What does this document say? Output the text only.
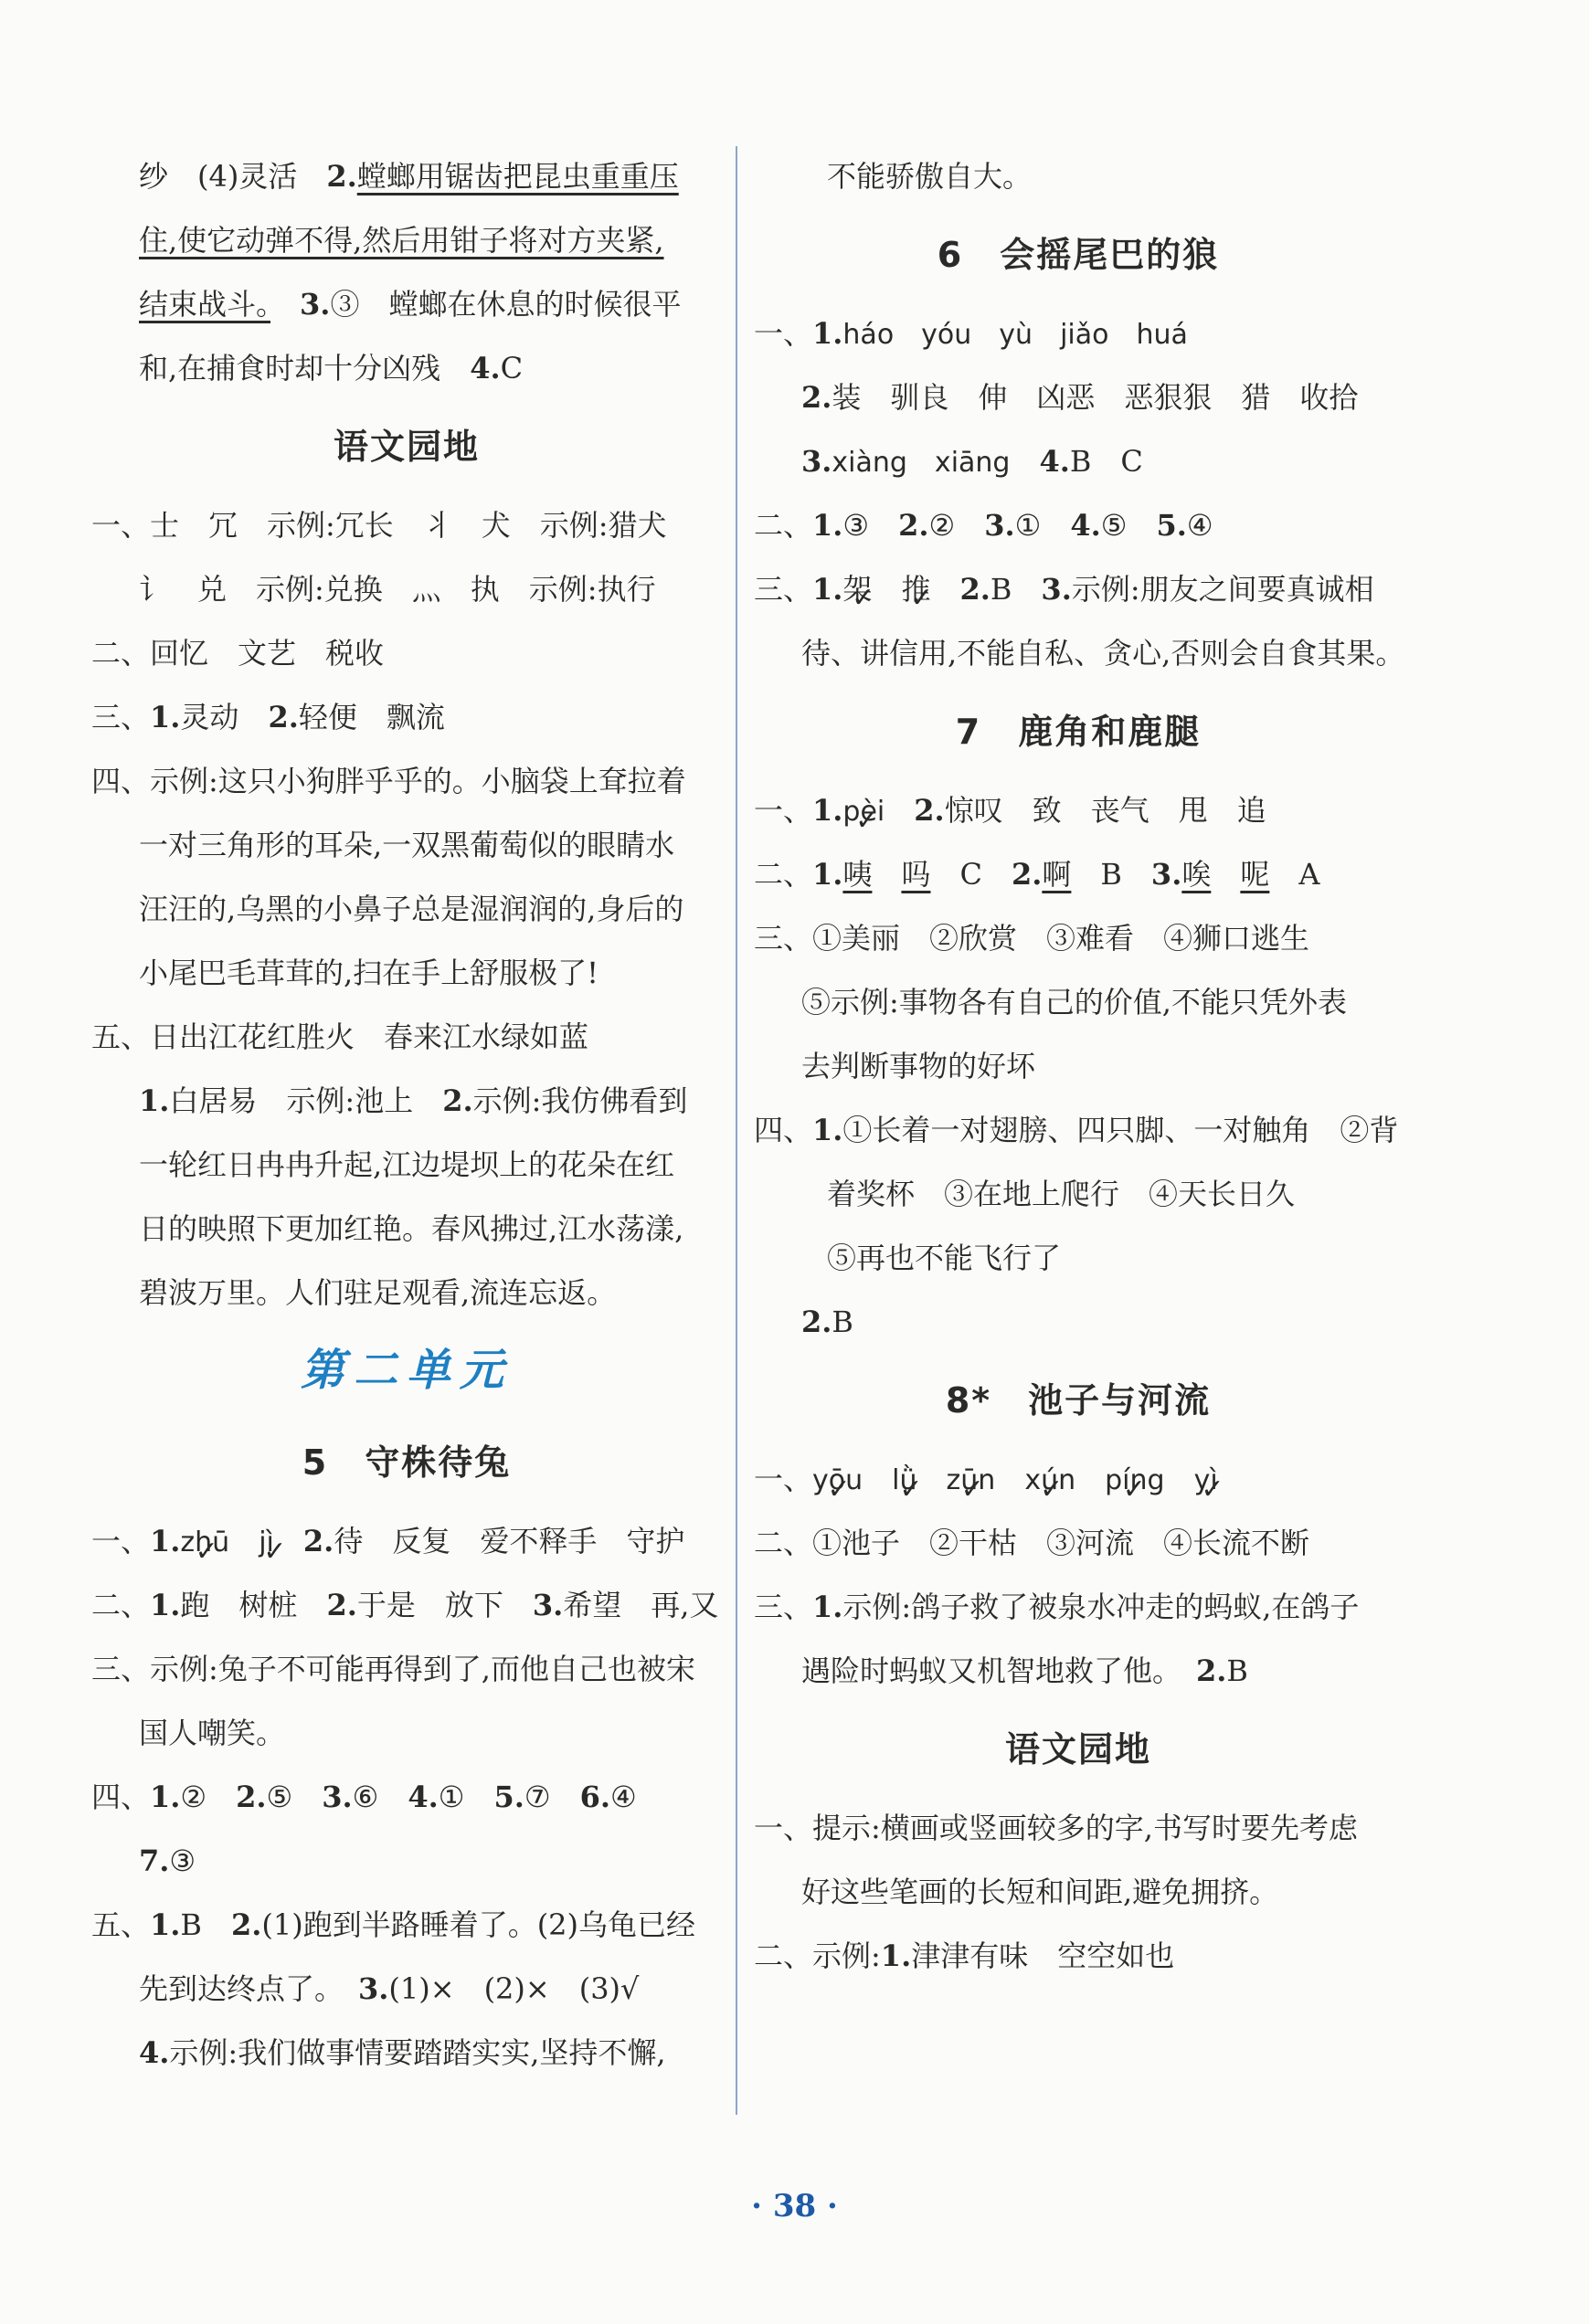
纱　(4)灵活　2.螳螂用锯齿把昆虫重重压
住,使它动弹不得,然后用钳子将对方夹紧,
结束战斗。　 3.③　螳螂在休息的时候很平
和,在捕食时却十分凶残　4.C
语文园地
一、士　冗　示例:冗长　丬　犬　示例:猎犬
讠　兑　示例:兑换　灬　执　示例:执行
二、回忆　文艺　税收
三、1.灵动　2.轻便　飘流
四、示例:这只小狗胖乎乎的。小脑袋上耷拉着
一对三角形的耳朵,一双黑葡萄似的眼睛水
汪汪的,乌黑的小鼻子总是湿润润的,身后的
小尾巴毛茸茸的,扫在手上舒服极了!
五、日出江花红胜火　春来江水绿如蓝
1.白居易　示例:池上　2.示例:我仿佛看到
一轮红日冉冉升起,江边堤坝上的花朵在红
日的映照下更加红艳。春风拂过,江水荡漾,
碧波万里。人们驻足观看,流连忘返。
第二单元
5　守株待兔
一、1.zhū ✓　 jì ✓　 2.待　反复　爱不释手　守护
二、1.跑　树桩　2.于是　放下　3.希望　再,又
三、示例:兔子不可能再得到了,而他自己也被宋
国人嘲笑。
四、1.②　2.⑤　3.⑥　4.①　5.⑦　6.④
7.③
五、1.B　2.(1)跑到半路睡着了。(2)乌龟已经
先到达终点了。　3.(1)×　(2)×　(3)√
4.示例:我们做事情要踏踏实实,坚持不懈,
不能骄傲自大。
6　会摇尾巴的狼
一、1.háo　yóu　yù　jiǎo　huá
2.装　驯良　伸　凶恶　恶狠狠　猎　收拾
3.xiàng　xiāng　 4.B　C
二、1.③　2.②　3.①　4.⑤　5.④
三、1.架 ✓　 推 ✓　 2.B　3.示例:朋友之间要真诚相
待、讲信用,不能自私、贪心,否则会自食其果。
7　鹿角和鹿腿
一、1.pèi ✓　 2.惊叹　致　丧气　甩　追
二、1.咦　 吗　C　2.啊　B　3.唉　 呢　A
三、①美丽　②欣赏　③难看　④狮口逃生
⑤示例:事物各有自己的价值,不能只凭外表
去判断事物的好坏
四、1.①长着一对翅膀、四只脚、一对触角　②背
着奖杯　③在地上爬行　④天长日久
⑤再也不能飞行了
2.B
8*　池子与河流
一、yōu ✓　 lǜ ✓　 zūn ✓　 xún ✓　 píng ✓　 yì ✓
二、①池子　②干枯　③河流　④长流不断
三、1.示例:鸽子救了被泉水冲走的蚂蚁,在鸽子
遇险时蚂蚁又机智地救了他。　2.B
语文园地
一、提示:横画或竖画较多的字,书写时要先考虑
好这些笔画的长短和间距,避免拥挤。
二、示例:1.津津有味　空空如也
· 38 ·
